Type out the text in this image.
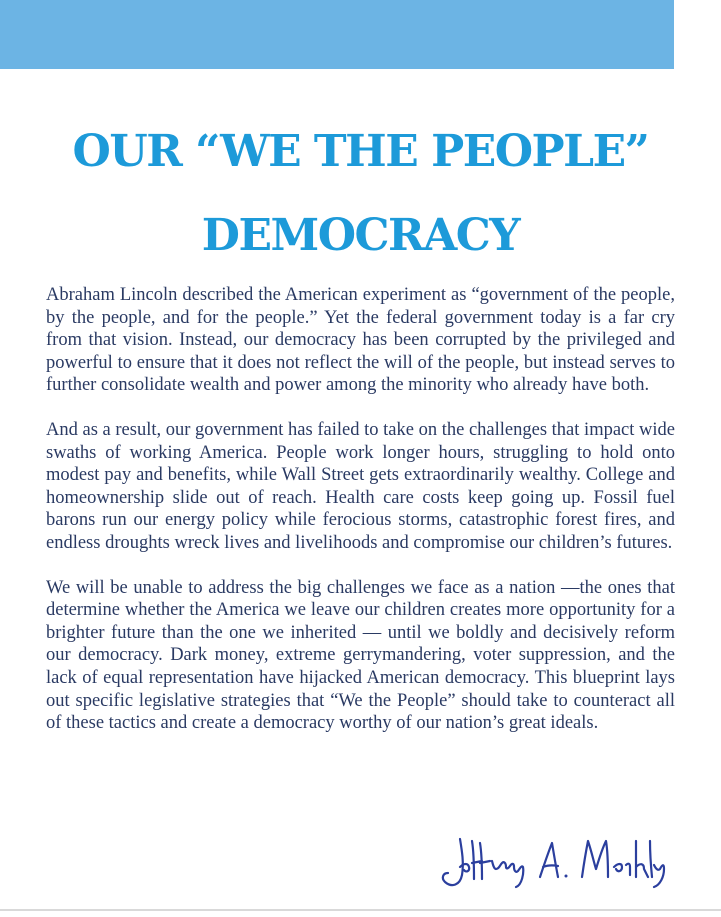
OUR “WE THE PEOPLE”
DEMOCRACY

Abraham Lincoln described the American experiment as “government of the people, by the people, and for the people.” Yet the federal government today is a far cry from that vision. Instead, our democracy has been corrupted by the privileged and powerful to ensure that it does not reflect the will of the people, but instead serves to further consolidate wealth and power among the minority who already have both.

And as a result, our government has failed to take on the challenges that impact wide swaths of working America. People work longer hours, struggling to hold onto modest pay and benefits, while Wall Street gets extraordinarily wealthy. College and homeownership slide out of reach. Health care costs keep going up. Fossil fuel barons run our energy policy while ferocious storms, catastrophic forest fires, and endless droughts wreck lives and livelihoods and compromise our children’s futures.

We will be unable to address the big challenges we face as a nation —the ones that determine whether the America we leave our children creates more opportunity for a brighter future than the one we inherited — until we boldly and decisively reform our democracy. Dark money, extreme gerrymandering, voter suppression, and the lack of equal representation have hijacked American democracy. This blueprint lays out specific legislative strategies that “We the People” should take to counteract all of these tactics and create a democracy worthy of our nation’s great ideals.
